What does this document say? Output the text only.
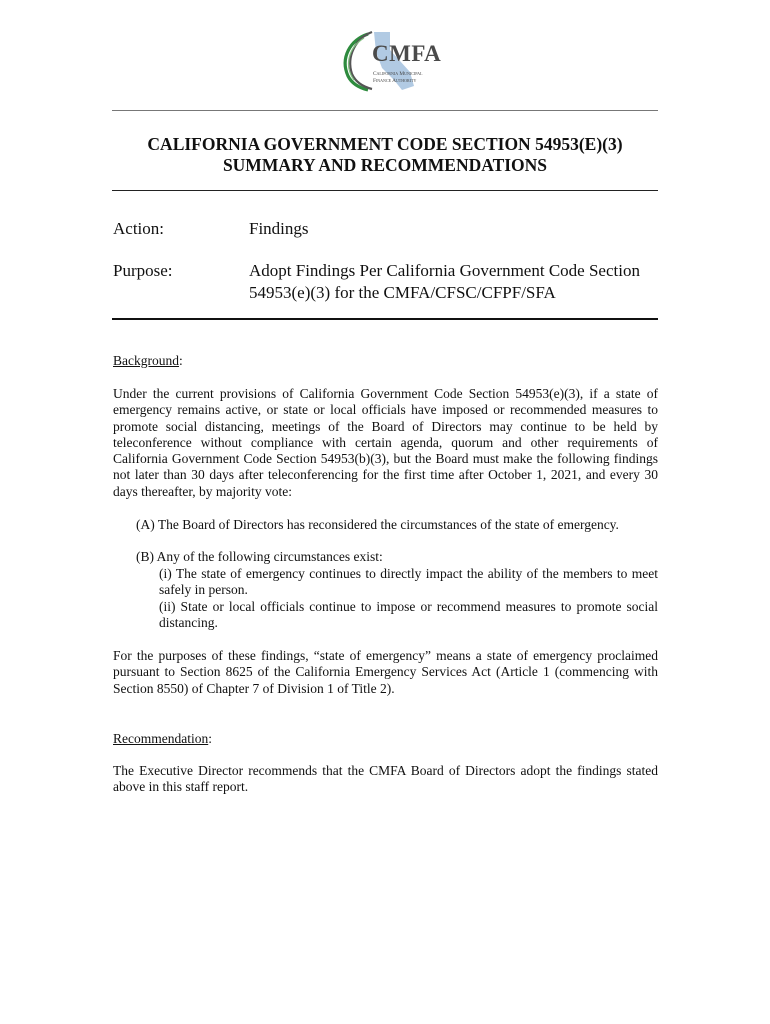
CMFA
California Municipal
Finance Authority
CALIFORNIA GOVERNMENT CODE SECTION 54953(E)(3)
SUMMARY AND RECOMMENDATIONS
Action:	Findings
Purpose:	Adopt Findings Per California Government Code Section 54953(e)(3) for the CMFA/CFSC/CFPF/SFA
Background:
Under the current provisions of California Government Code Section 54953(e)(3), if a state of emergency remains active, or state or local officials have imposed or recommended measures to promote social distancing, meetings of the Board of Directors may continue to be held by teleconference without compliance with certain agenda, quorum and other requirements of California Government Code Section 54953(b)(3), but the Board must make the following findings not later than 30 days after teleconferencing for the first time after October 1, 2021, and every 30 days thereafter, by majority vote:
(A) The Board of Directors has reconsidered the circumstances of the state of emergency.
(B) Any of the following circumstances exist:
(i) The state of emergency continues to directly impact the ability of the members to meet safely in person.
(ii) State or local officials continue to impose or recommend measures to promote social distancing.
For the purposes of these findings, “state of emergency” means a state of emergency proclaimed pursuant to Section 8625 of the California Emergency Services Act (Article 1 (commencing with Section 8550) of Chapter 7 of Division 1 of Title 2).
Recommendation:
The Executive Director recommends that the CMFA Board of Directors adopt the findings stated above in this staff report.
